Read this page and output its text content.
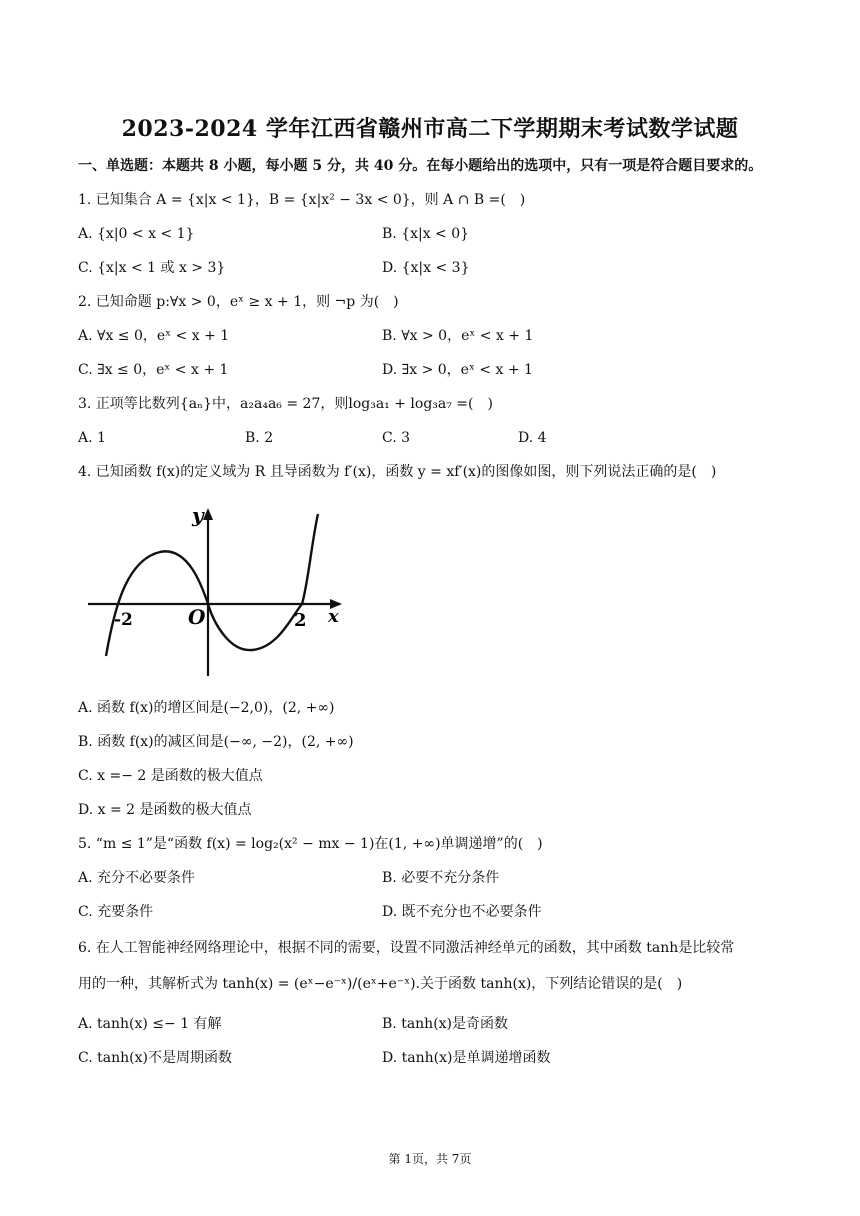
2023-2024 学年江西省赣州市高二下学期期末考试数学试题
一、单选题：本题共 8 小题，每小题 5 分，共 40 分。在每小题给出的选项中，只有一项是符合题目要求的。
1. 已知集合 A = {x|x < 1}，B = {x|x² − 3x < 0}，则 A ∩ B =(　)
A. {x|0 < x < 1}	B. {x|x < 0}
C. {x|x < 1 或 x > 3}	D. {x|x < 3}
2. 已知命题 p:∀x > 0，eˣ ≥ x + 1，则 ¬p 为(　)
A. ∀x ≤ 0，eˣ < x + 1	B. ∀x > 0，eˣ < x + 1
C. ∃x ≤ 0，eˣ < x + 1	D. ∃x > 0，eˣ < x + 1
3. 正项等比数列{aₙ}中，a₂a₄a₆ = 27，则log₃a₁ + log₃a₇ =(　)
A. 1	B. 2	C. 3	D. 4
4. 已知函数 f(x)的定义域为 R 且导函数为 f′(x)，函数 y = xf′(x)的图像如图，则下列说法正确的是(　)
-2	O	2 x
y
A. 函数 f(x)的增区间是(−2,0)，(2, +∞)
B. 函数 f(x)的减区间是(−∞, −2)，(2, +∞)
C. x =− 2 是函数的极大值点
D. x = 2 是函数的极大值点
5. “m ≤ 1”是“函数 f(x) = log₂(x² − mx − 1)在(1, +∞)单调递增”的(　)
A. 充分不必要条件	B. 必要不充分条件
C. 充要条件	D. 既不充分也不必要条件
6. 在人工智能神经网络理论中，根据不同的需要，设置不同激活神经单元的函数，其中函数 tanh是比较常
用的一种，其解析式为 tanh(x) = (eˣ−e⁻ˣ)/(eˣ+e⁻ˣ).关于函数 tanh(x)，下列结论错误的是(　)
A. tanh(x) ≤− 1 有解	B. tanh(x)是奇函数
C. tanh(x)不是周期函数	D. tanh(x)是单调递增函数
第 1页，共 7页
